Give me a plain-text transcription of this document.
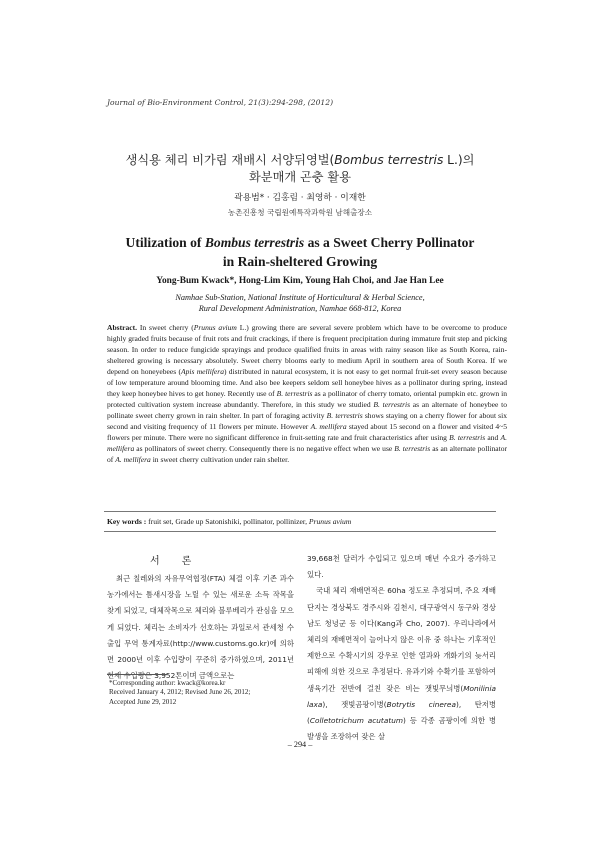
Journal of Bio-Environment Control, 21(3):294-298, (2012)
생식용 체리 비가림 재배시 서양뒤영벌(Bombus terrestris L.)의
화분매개 곤충 활용
곽용범* · 김홍림 · 최영하 · 이재한
농촌진흥청 국립원예특작과학원 남해출장소
Utilization of Bombus terrestris as a Sweet Cherry Pollinator
in Rain-sheltered Growing
Yong-Bum Kwack*, Hong-Lim Kim, Young Hah Choi, and Jae Han Lee
Namhae Sub-Station, National Institute of Horticultural & Herbal Science,
Rural Development Administration, Namhae 668-812, Korea
Abstract. In sweet cherry (Prunus avium L.) growing there are several severe problem which have to be overcome to produce highly graded fruits because of fruit rots and fruit crackings, if there is frequent precipitation during immature fruit step and picking season. In order to reduce fungicide sprayings and produce qualified fruits in areas with rainy season like as South Korea, rain-sheltered growing is necessary absolutely. Sweet cherry blooms early to medium April in southern area of South Korea. If we depend on honeyebees (Apis mellifera) distributed in natural ecosystem, it is not easy to get normal fruit-set every season because of low temperature around blooming time. And also bee keepers seldom sell honeybee hives as a pollinator during spring, instead they keep honeybee hives to get honey. Recently use of B. terrestris as a pollinator of cherry tomato, oriental pumpkin etc. grown in protected cultivation system increase abundantly. Therefore, in this study we studied B. terrestris as an alternate of honeybee to pollinate sweet cherry grown in rain shelter. In part of foraging activity B. terrestris shows staying on a cherry flower for about six second and visiting frequency of 11 flowers per minute. However A. mellifera stayed about 15 second on a flower and visited 4~5 flowers per minute. There were no significant difference in fruit-setting rate and fruit characteristics after using B. terrestris and A. mellifera as pollinators of sweet cherry. Consequently there is no negative effect when we use B. terrestris as an alternate pollinator of A. mellifera in sweet cherry cultivation under rain shelter.
Key words : fruit set, Grade up Satonishiki, pollinator, pollinizer, Prunus avium
서론

최근 칠레와의 자유무역협정(FTA) 체결 이후 기존 과수농가에서는 틈새시장을 노릴 수 있는 새로운 소득 작목을 찾게 되었고, 대체작목으로 체리와 블루베리가 관심을 모으게 되었다. 체리는 소비자가 선호하는 과일로서 관세청 수출입 무역 통계자료(http://www.customs.go.kr)에 의하면 2000년 이후 수입량이 꾸준히 증가하였으며, 2011년 현재 수입량은 3,952톤이며 금액으로는

39,668천 달러가 수입되고 있으며 매년 수요가 증가하고 있다.

국내 체리 재배면적은 60ha 정도로 추정되며, 주요 재배 단지는 경상북도 경주시와 김천시, 대구광역시 동구와 경상남도 청녕군 등 이다(Kang과 Cho, 2007). 우리나라에서 체리의 재배면적이 늘어나지 않은 이유 중 하나는 기후적인 제한으로 수확시기의 강우로 인한 열과와 개화기의 늦서리 피해에 의한 것으로 추정된다. 유과기와 수확기를 포함하여 생육기간 전반에 걸친 잦은 비는 잿빛무늬병(Monilinia laxa), 잿빛곰팡이병(Botrytis cinerea), 탄저병(Colletotrichum acutatum) 등 각종 곰팡이에 의한 병 발생을 조장하여 잦은 살

*Corresponding author: kwack@korea.kr
Received January 4, 2012; Revised June 26, 2012;
Accepted June 29, 2012
– 294 –
